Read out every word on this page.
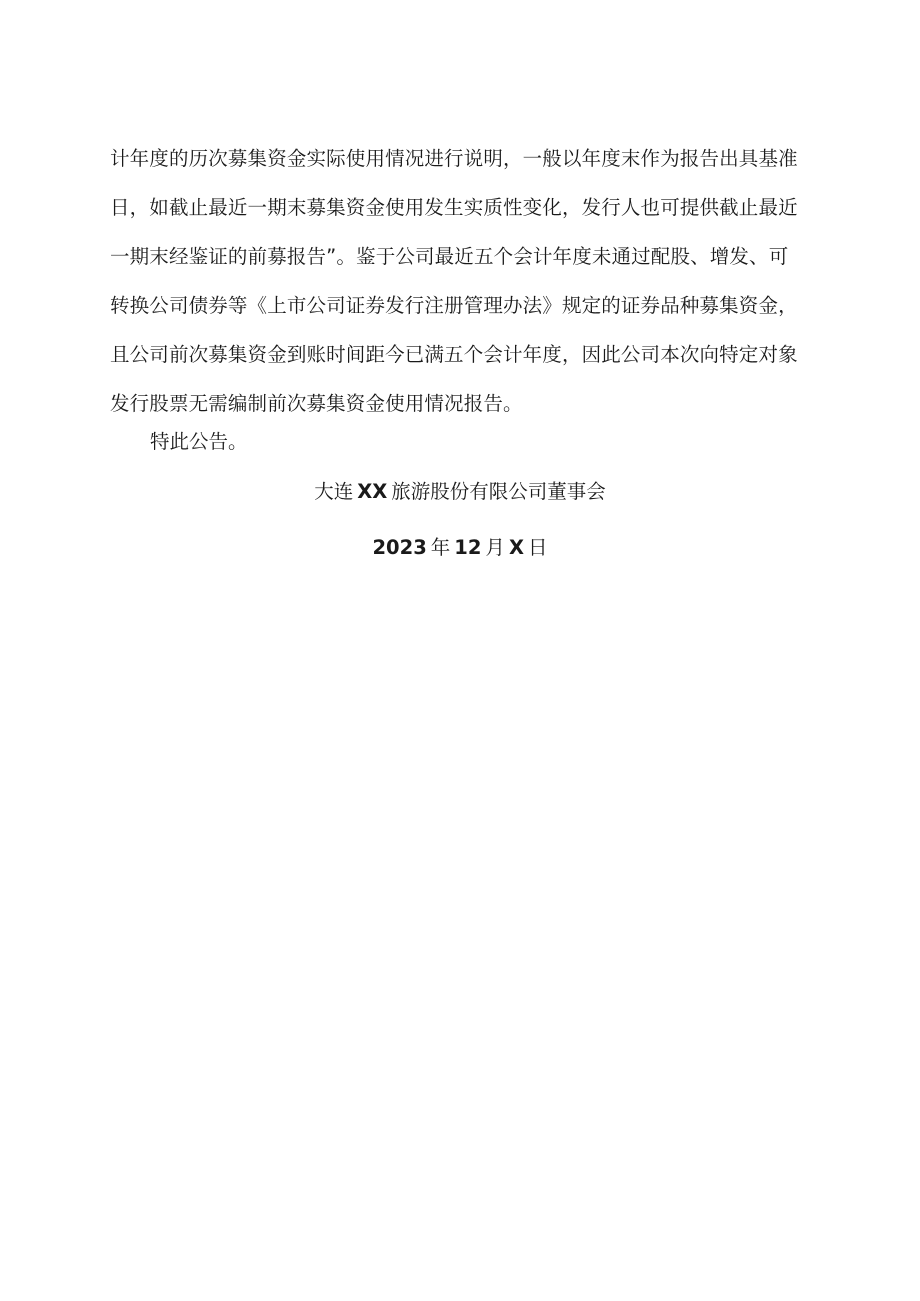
计年度的历次募集资金实际使用情况进行说明，一般以年度末作为报告出具基准
日，如截止最近一期末募集资金使用发生实质性变化，发行人也可提供截止最近
一期末经鉴证的前募报告”。鉴于公司最近五个会计年度未通过配股、增发、可
转换公司债券等《上市公司证券发行注册管理办法》规定的证券品种募集资金，
且公司前次募集资金到账时间距今已满五个会计年度，因此公司本次向特定对象
发行股票无需编制前次募集资金使用情况报告。
特此公告。
大连 XX 旅游股份有限公司董事会
2023 年 12 月 X 日
